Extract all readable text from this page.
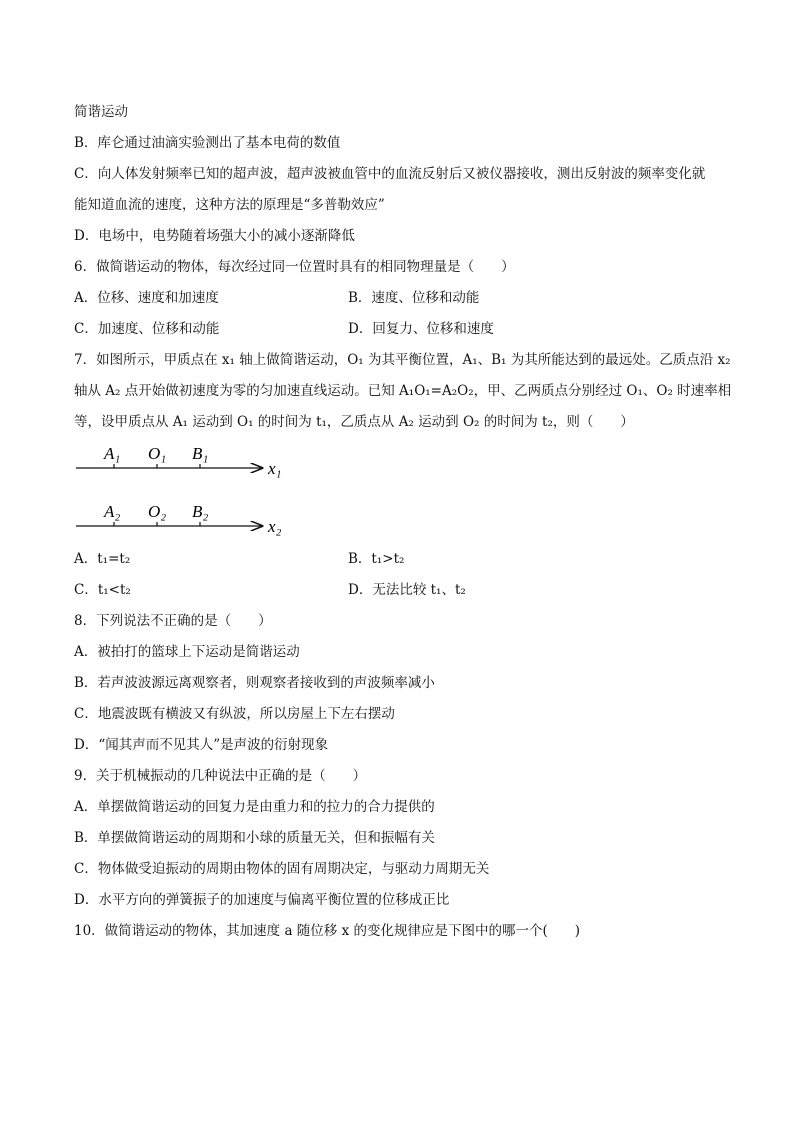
简谐运动
B．库仑通过油滴实验测出了基本电荷的数值
C．向人体发射频率已知的超声波，超声波被血管中的血流反射后又被仪器接收，测出反射波的频率变化就
能知道血流的速度，这种方法的原理是“多普勒效应”
D．电场中，电势随着场强大小的减小逐渐降低
6．做简谐运动的物体，每次经过同一位置时具有的相同物理量是（　　）
A．位移、速度和加速度	B．速度、位移和动能
C．加速度、位移和动能	D．回复力、位移和速度
7．如图所示，甲质点在 x₁ 轴上做简谐运动，O₁ 为其平衡位置，A₁、B₁ 为其所能达到的最远处。乙质点沿 x₂
轴从 A₂ 点开始做初速度为零的匀加速直线运动。已知 A₁O₁=A₂O₂，甲、乙两质点分别经过 O₁、O₂ 时速率相
等，设甲质点从 A₁ 运动到 O₁ 的时间为 t₁，乙质点从 A₂ 运动到 O₂ 的时间为 t₂，则（　　）
A₁ O₁ B₁
x₁
A₂ O₂ B₂
x₂
A．t₁=t₂	B．t₁>t₂
C．t₁<t₂	D．无法比较 t₁、t₂
8．下列说法不正确的是（　　）
A．被拍打的篮球上下运动是简谐运动
B．若声波波源远离观察者，则观察者接收到的声波频率减小
C．地震波既有横波又有纵波，所以房屋上下左右摆动
D．“闻其声而不见其人”是声波的衍射现象
9．关于机械振动的几种说法中正确的是（　　）
A．单摆做简谐运动的回复力是由重力和的拉力的合力提供的
B．单摆做简谐运动的周期和小球的质量无关，但和振幅有关
C．物体做受迫振动的周期由物体的固有周期决定，与驱动力周期无关
D．水平方向的弹簧振子的加速度与偏离平衡位置的位移成正比
10．做简谐运动的物体，其加速度 a 随位移 x 的变化规律应是下图中的哪一个(　　)
